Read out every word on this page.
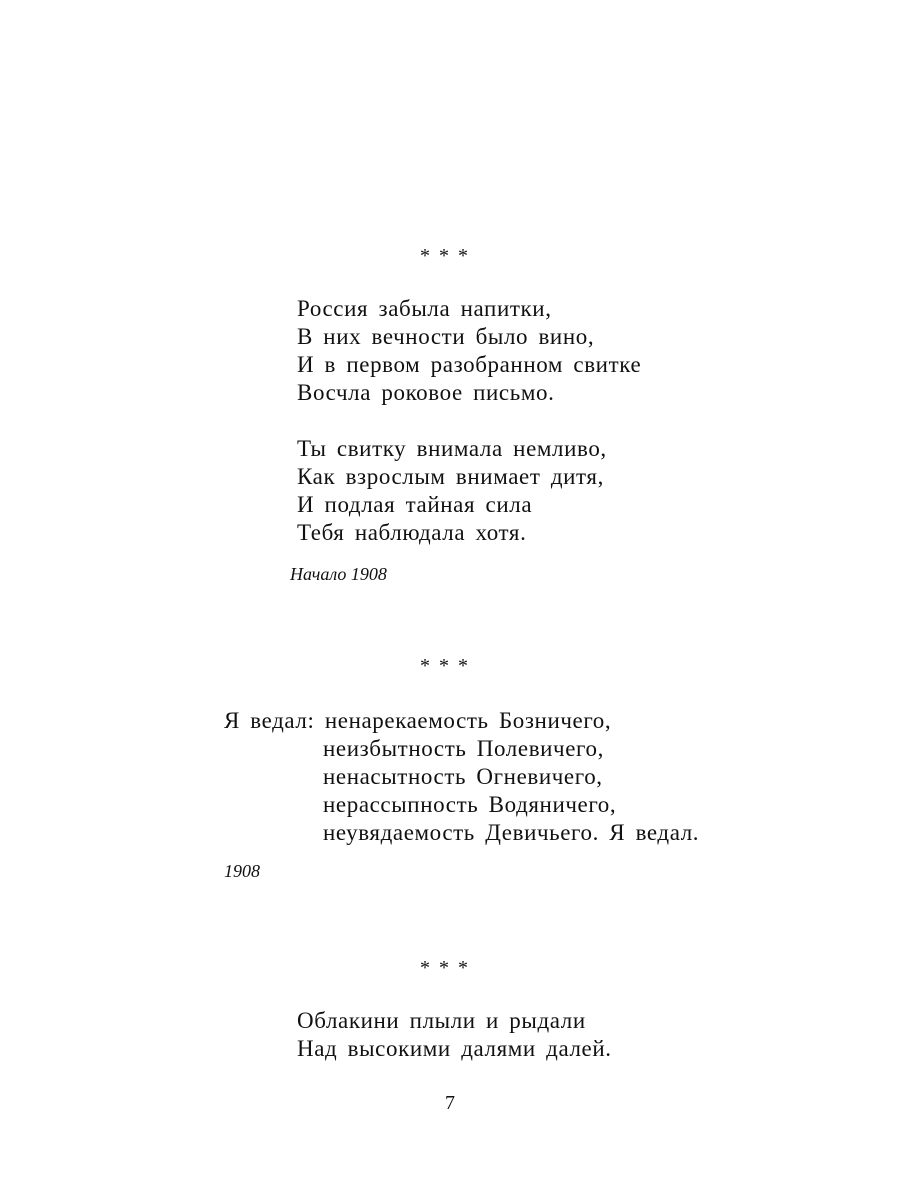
* * *
Россия забыла напитки,
В них вечности было вино,
И в первом разобранном свитке
Восчла роковое письмо.
Ты свитку внимала немливо,
Как взрослым внимает дитя,
И подлая тайная сила
Тебя наблюдала хотя.
Начало 1908
* * *
Я ведал: ненарекаемость Бозничего,
неизбытность Полевичего,
ненасытность Огневичего,
нерассыпность Водяничего,
неувядаемость Девичьего. Я ведал.
1908
* * *
Облакини плыли и рыдали
Над высокими далями далей.
7
